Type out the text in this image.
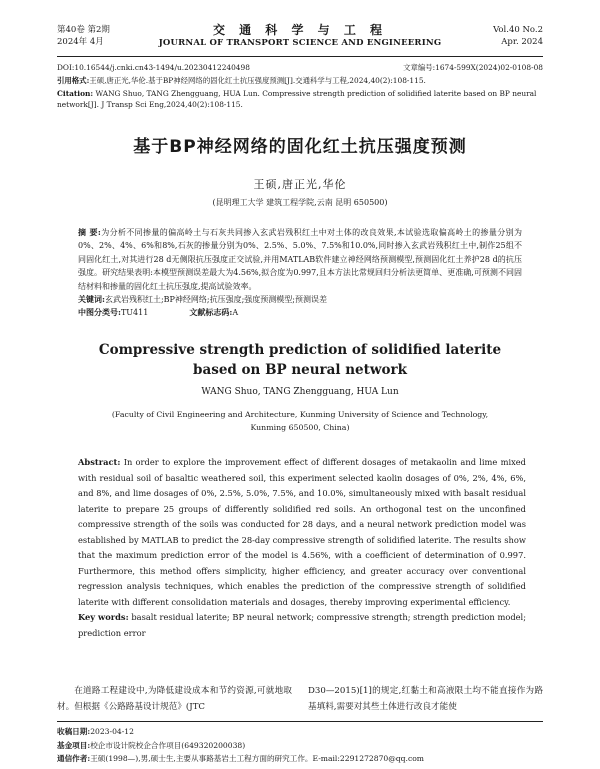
第40卷 第2期
2024年 4月
交 通 科 学 与 工 程
JOURNAL OF TRANSPORT SCIENCE AND ENGINEERING
Vol.40 No.2
Apr. 2024
DOI:10.16544/j.cnki.cn43-1494/u.20230412240498	文章编号:1674-599X(2024)02-0108-08
引用格式:王硕,唐正光,华伦.基于BP神经网络的固化红土抗压强度预测[J].交通科学与工程,2024,40(2):108-115.
Citation: WANG Shuo, TANG Zhengguang, HUA Lun. Compressive strength prediction of solidified laterite based on BP neural network[J]. J Transp Sci Eng,2024,40(2):108-115.
基于BP神经网络的固化红土抗压强度预测
王硕,唐正光,华伦
(昆明理工大学 建筑工程学院,云南 昆明 650500)
摘 要:为分析不同掺量的偏高岭土与石灰共同掺入玄武岩残积红土中对土体的改良效果,本试验选取偏高岭土的掺量分别为0%、2%、4%、6%和8%,石灰的掺量分别为0%、2.5%、5.0%、7.5%和10.0%,同时掺入玄武岩残积红土中,制作25组不同固化红土,对其进行28 d无侧限抗压强度正交试验,并用MATLAB软件建立神经网络预测模型,预测固化红土养护28 d的抗压强度。研究结果表明:本模型预测误差最大为4.56%,拟合度为0.997,且本方法比常规回归分析法更简单、更准确,可预测不同固结材料和掺量的固化红土抗压强度,提高试验效率。
关键词:玄武岩残积红土;BP神经网络;抗压强度;强度预测模型;预测误差
中图分类号:TU411	文献标志码:A
Compressive strength prediction of solidified laterite based on BP neural network
WANG Shuo, TANG Zhengguang, HUA Lun
(Faculty of Civil Engineering and Architecture, Kunming University of Science and Technology,
Kunming 650500, China)
Abstract: In order to explore the improvement effect of different dosages of metakaolin and lime mixed with residual soil of basaltic weathered soil, this experiment selected kaolin dosages of 0%, 2%, 4%, 6%, and 8%, and lime dosages of 0%, 2.5%, 5.0%, 7.5%, and 10.0%, simultaneously mixed with basalt residual laterite to prepare 25 groups of differently solidified red soils. An orthogonal test on the unconfined compressive strength of the soils was conducted for 28 days, and a neural network prediction model was established by MATLAB to predict the 28-day compressive strength of solidified laterite. The results show that the maximum prediction error of the model is 4.56%, with a coefficient of determination of 0.997. Furthermore, this method offers simplicity, higher efficiency, and greater accuracy over conventional regression analysis techniques, which enables the prediction of the compressive strength of solidified laterite with different consolidation materials and dosages, thereby improving experimental efficiency.
Key words: basalt residual laterite; BP neural network; compressive strength; strength prediction model; prediction error
在道路工程建设中,为降低建设成本和节约资源,可就地取材。但根据《公路路基设计规范》(JTC
D30—2015)[1]的规定,红黏土和高液限土均不能直接作为路基填料,需要对其些土体进行改良才能使
收稿日期:2023-04-12
基金项目:校企市设计院校企合作项目(649320200038)
通信作者:王硕(1998—),男,硕士生,主要从事路基岩土工程方面的研究工作。E-mail:2291272870@qq.com
